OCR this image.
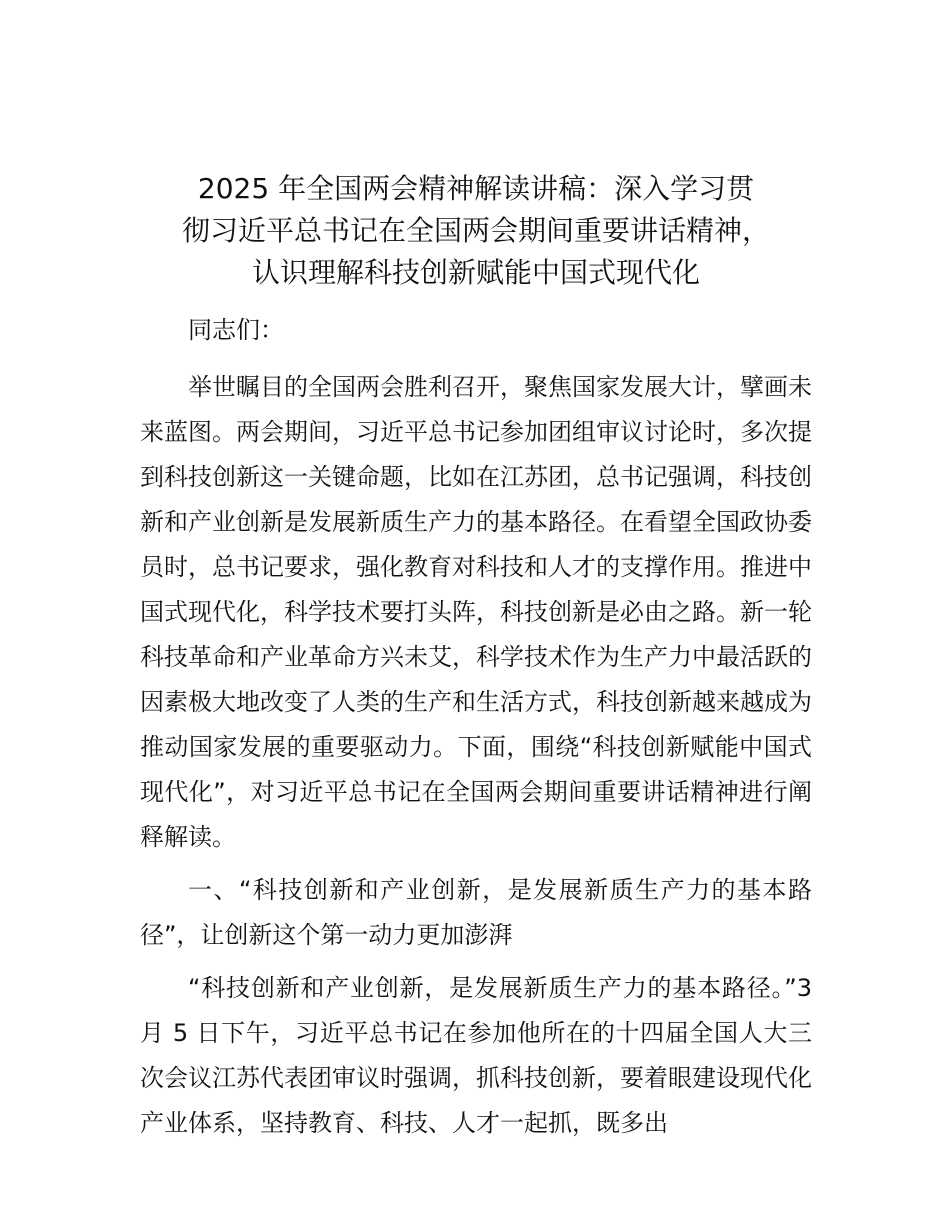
2025 年全国两会精神解读讲稿：深入学习贯
彻习近平总书记在全国两会期间重要讲话精神，
认识理解科技创新赋能中国式现代化

同志们：

举世瞩目的全国两会胜利召开，聚焦国家发展大计，擘画未来蓝图。两会期间，习近平总书记参加团组审议讨论时，多次提到科技创新这一关键命题，比如在江苏团，总书记强调，科技创新和产业创新是发展新质生产力的基本路径。在看望全国政协委员时，总书记要求，强化教育对科技和人才的支撑作用。推进中国式现代化，科学技术要打头阵，科技创新是必由之路。新一轮科技革命和产业革命方兴未艾，科学技术作为生产力中最活跃的因素极大地改变了人类的生产和生活方式，科技创新越来越成为推动国家发展的重要驱动力。下面，围绕“科技创新赋能中国式现代化”，对习近平总书记在全国两会期间重要讲话精神进行阐释解读。

一、“科技创新和产业创新，是发展新质生产力的基本路径”，让创新这个第一动力更加澎湃

“科技创新和产业创新，是发展新质生产力的基本路径。”3 月 5 日下午，习近平总书记在参加他所在的十四届全国人大三次会议江苏代表团审议时强调，抓科技创新，要着眼建设现代化产业体系，坚持教育、科技、人才一起抓，既多出
